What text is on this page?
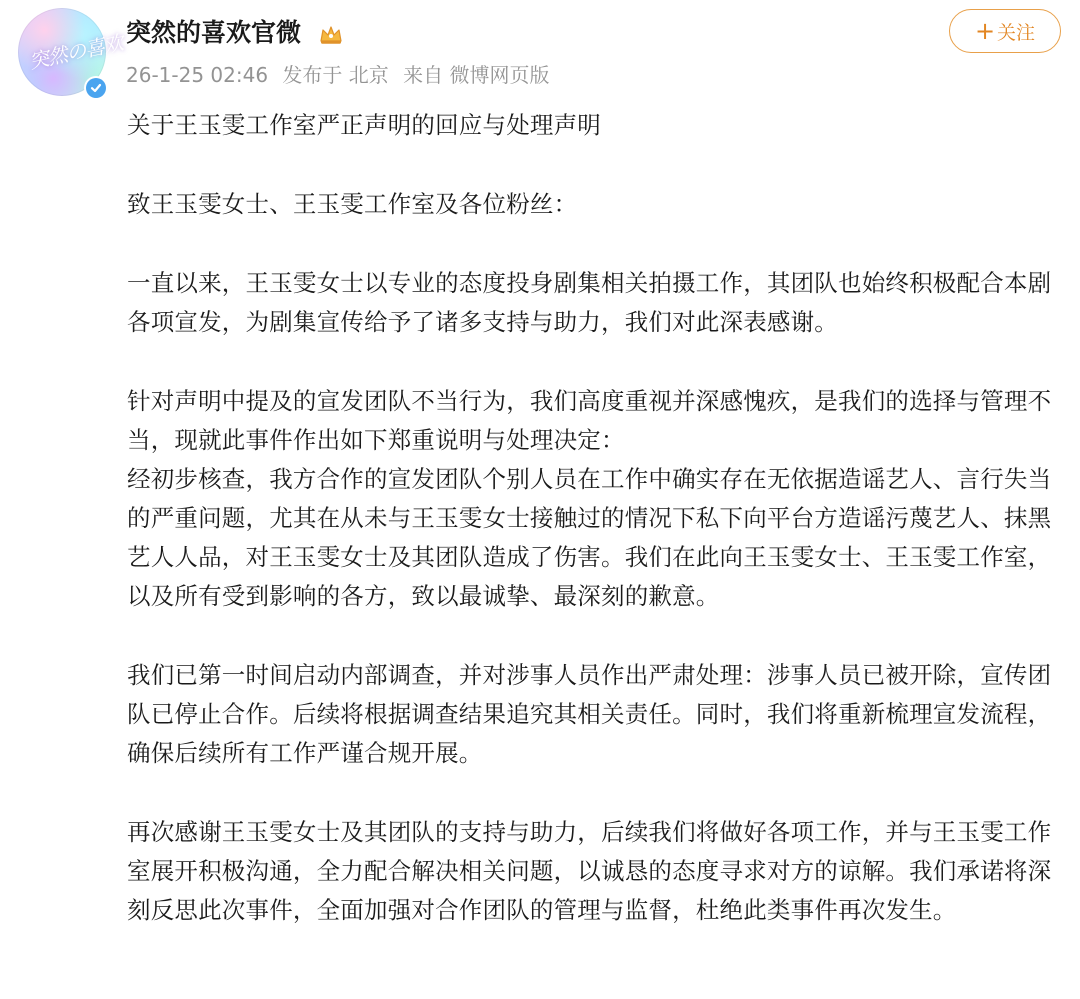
突然の喜欢 突然的喜欢官微
26-1-25 02:46 发布于 北京 来自 微博网页版
+ 关注

关于王玉雯工作室严正声明的回应与处理声明

致王玉雯女士、王玉雯工作室及各位粉丝：

一直以来，王玉雯女士以专业的态度投身剧集相关拍摄工作，其团队也始终积极配合本剧各项宣发，为剧集宣传给予了诸多支持与助力，我们对此深表感谢。

针对声明中提及的宣发团队不当行为，我们高度重视并深感愧疚，是我们的选择与管理不当，现就此事件作出如下郑重说明与处理决定：

经初步核查，我方合作的宣发团队个别人员在工作中确实存在无依据造谣艺人、言行失当的严重问题，尤其在从未与王玉雯女士接触过的情况下私下向平台方造谣污蔑艺人、抹黑艺人人品，对王玉雯女士及其团队造成了伤害。我们在此向王玉雯女士、王玉雯工作室，以及所有受到影响的各方，致以最诚挚、最深刻的歉意。

我们已第一时间启动内部调查，并对涉事人员作出严肃处理：涉事人员已被开除，宣传团队已停止合作。后续将根据调查结果追究其相关责任。同时，我们将重新梳理宣发流程，确保后续所有工作严谨合规开展。

再次感谢王玉雯女士及其团队的支持与助力，后续我们将做好各项工作，并与王玉雯工作室展开积极沟通，全力配合解决相关问题，以诚恳的态度寻求对方的谅解。我们承诺将深刻反思此次事件，全面加强对合作团队的管理与监督，杜绝此类事件再次发生。
